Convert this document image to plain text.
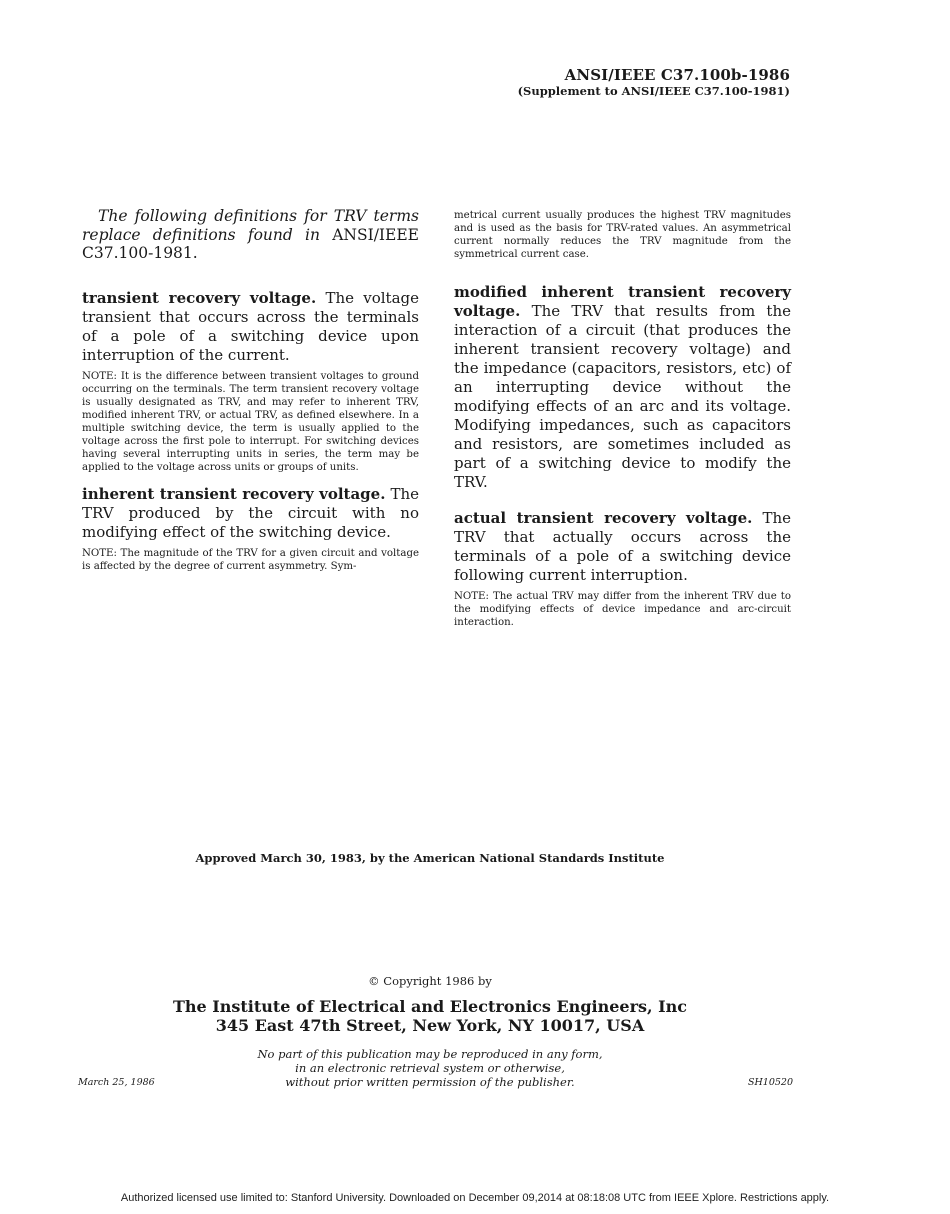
ANSI/IEEE C37.100b-1986
(Supplement to ANSI/IEEE C37.100-1981)

The following definitions for TRV terms replace definitions found in ANSI/IEEE C37.100-1981.

transient recovery voltage. The voltage transient that occurs across the terminals of a pole of a switching device upon interruption of the current.

NOTE: It is the difference between transient voltages to ground occurring on the terminals. The term transient recovery voltage is usually designated as TRV, and may refer to inherent TRV, modified inherent TRV, or actual TRV, as defined elsewhere. In a multiple switching device, the term is usually applied to the voltage across the first pole to interrupt. For switching devices having several interrupting units in series, the term may be applied to the voltage across units or groups of units.

inherent transient recovery voltage. The TRV produced by the circuit with no modifying effect of the switching device.

NOTE: The magnitude of the TRV for a given circuit and voltage is affected by the degree of current asymmetry. Sym-

metrical current usually produces the highest TRV magnitudes and is used as the basis for TRV-rated values. An asymmetrical current normally reduces the TRV magnitude from the symmetrical current case.

modified inherent transient recovery voltage. The TRV that results from the interaction of a circuit (that produces the inherent transient recovery voltage) and the impedance (capacitors, resistors, etc) of an interrupting device without the modifying effects of an arc and its voltage. Modifying impedances, such as capacitors and resistors, are sometimes included as part of a switching device to modify the TRV.

actual transient recovery voltage. The TRV that actually occurs across the terminals of a pole of a switching device following current interruption.

NOTE: The actual TRV may differ from the inherent TRV due to the modifying effects of device impedance and arc-circuit interaction.

Approved March 30, 1983, by the American National Standards Institute
© Copyright 1986 by
The Institute of Electrical and Electronics Engineers, Inc
345 East 47th Street, New York, NY 10017, USA
No part of this publication may be reproduced in any form,
in an electronic retrieval system or otherwise,
without prior written permission of the publisher.
March 25, 1986	SH10520
Authorized licensed use limited to: Stanford University. Downloaded on December 09,2014 at 08:18:08 UTC from IEEE Xplore. Restrictions apply.
